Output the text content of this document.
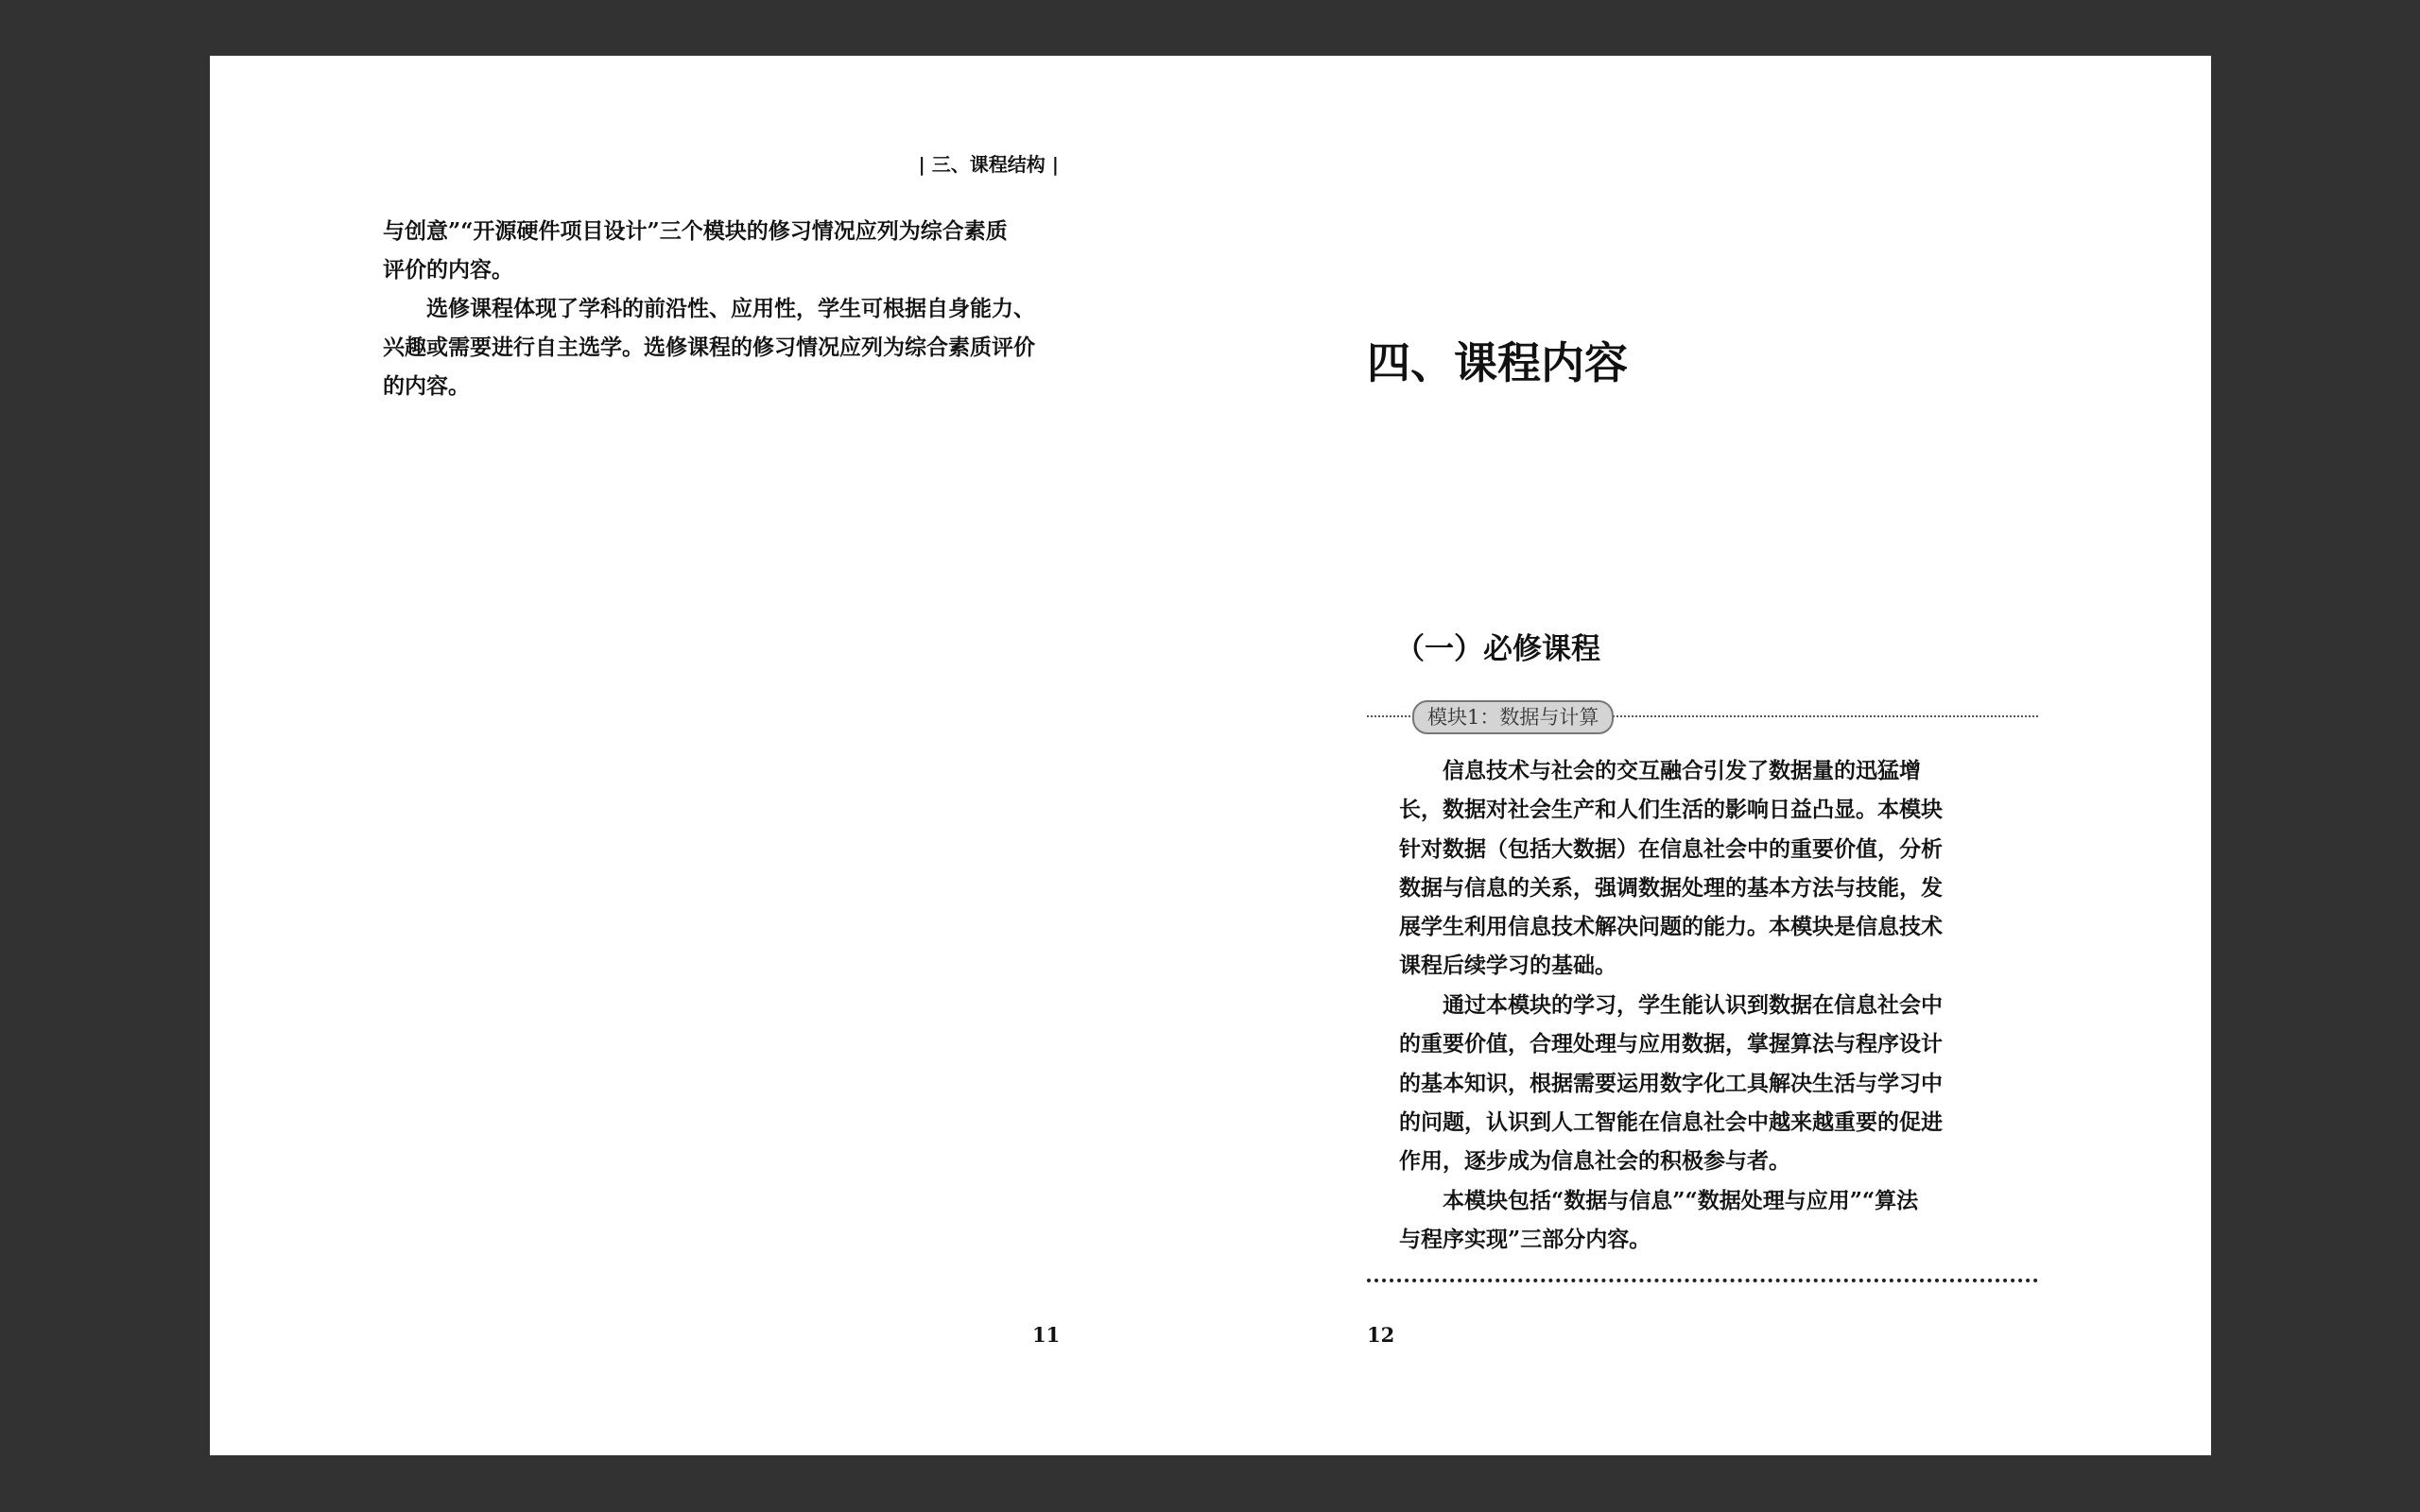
| 三、课程结构 |
与创意”“开源硬件项目设计”三个模块的修习情况应列为综合素质
评价的内容。
选修课程体现了学科的前沿性、应用性，学生可根据自身能力、
兴趣或需要进行自主选学。选修课程的修习情况应列为综合素质评价
的内容。
11
四、课程内容
（一）必修课程
模块1：数据与计算
信息技术与社会的交互融合引发了数据量的迅猛增
长，数据对社会生产和人们生活的影响日益凸显。本模块
针对数据（包括大数据）在信息社会中的重要价值，分析
数据与信息的关系，强调数据处理的基本方法与技能，发
展学生利用信息技术解决问题的能力。本模块是信息技术
课程后续学习的基础。
通过本模块的学习，学生能认识到数据在信息社会中
的重要价值，合理处理与应用数据，掌握算法与程序设计
的基本知识，根据需要运用数字化工具解决生活与学习中
的问题，认识到人工智能在信息社会中越来越重要的促进
作用，逐步成为信息社会的积极参与者。
本模块包括“数据与信息”“数据处理与应用”“算法
与程序实现”三部分内容。
12
